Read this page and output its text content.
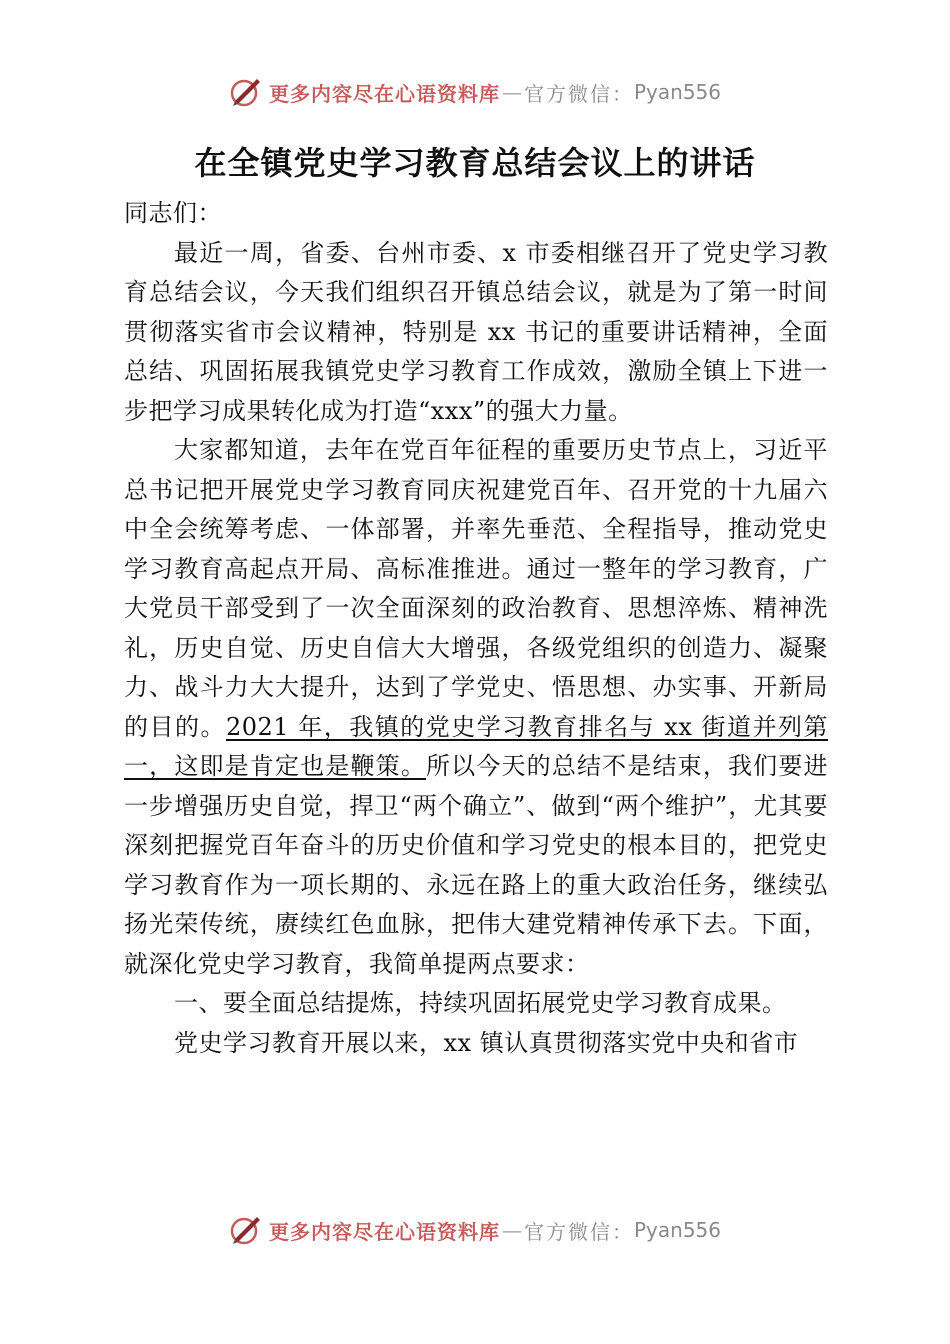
更多内容尽在心语资料库 — 官方微信： Pyan556
在全镇党史学习教育总结会议上的讲话

同志们：

最近一周，省委、台州市委、x 市委相继召开了党史学习教育总结会议，今天我们组织召开镇总结会议，就是为了第一时间贯彻落实省市会议精神，特别是 xx 书记的重要讲话精神，全面总结、巩固拓展我镇党史学习教育工作成效，激励全镇上下进一步把学习成果转化成为打造“xxx”的强大力量。

大家都知道，去年在党百年征程的重要历史节点上，习近平总书记把开展党史学习教育同庆祝建党百年、召开党的十九届六中全会统筹考虑、一体部署，并率先垂范、全程指导，推动党史学习教育高起点开局、高标准推进。通过一整年的学习教育，广大党员干部受到了一次全面深刻的政治教育、思想淬炼、精神洗礼，历史自觉、历史自信大大增强，各级党组织的创造力、凝聚力、战斗力大大提升，达到了学党史、悟思想、办实事、开新局的目的。2021 年，我镇的党史学习教育排名与 xx 街道并列第一，这即是肯定也是鞭策。所以今天的总结不是结束，我们要进一步增强历史自觉，捍卫“两个确立”、做到“两个维护”，尤其要深刻把握党百年奋斗的历史价值和学习党史的根本目的，把党史学习教育作为一项长期的、永远在路上的重大政治任务，继续弘扬光荣传统，赓续红色血脉，把伟大建党精神传承下去。下面，就深化党史学习教育，我简单提两点要求：

一、要全面总结提炼，持续巩固拓展党史学习教育成果。

党史学习教育开展以来，xx 镇认真贯彻落实党中央和省市

更多内容尽在心语资料库 — 官方微信： Pyan556
